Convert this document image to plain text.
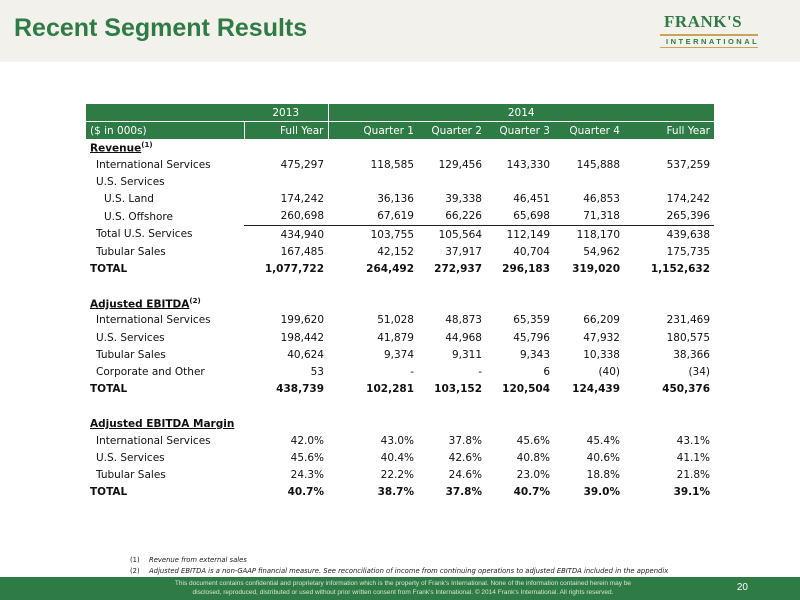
Recent Segment Results	FRANK'S
INTERNATIONAL
	2013	2014				
($ in 000s)	Full Year	Quarter 1	Quarter 2	Quarter 3	Quarter 4	Full Year
Revenue$^{(1)}$
International Services	475,297	118,585	129,456	143,330	145,888	537,259
U.S. Services						
U.S. Land	174,242	36,136	39,338	46,451	46,853	174,242
U.S. Offshore	260,698	67,619	66,226	65,698	71,318	265,396
Total U.S. Services	434,940	103,755	105,564	112,149	118,170	439,638
Tubular Sales	167,485	42,152	37,917	40,704	54,962	175,735
TOTAL	1,077,722	264,492	272,937	296,183	319,020	1,152,632

Adjusted EBITDA$^{(2)}$
International Services	199,620	51,028	48,873	65,359	66,209	231,469
U.S. Services	198,442	41,879	44,968	45,796	47,932	180,575
Tubular Sales	40,624	9,374	9,311	9,343	10,338	38,366
Corporate and Other	53	-	-	6	(40)	(34)
TOTAL	438,739	102,281	103,152	120,504	124,439	450,376

Adjusted EBITDA Margin						
International Services	42.0%	43.0%	37.8%	45.6%	45.4%	43.1%
U.S. Services	45.6%	40.4%	42.6%	40.8%	40.6%	41.1%
Tubular Sales	24.3%	22.2%	24.6%	23.0%	18.8%	21.8%
TOTAL	40.7%	38.7%	37.8%	40.7%	39.0%	39.1%
(1) Revenue from external sales
(2) Adjusted EBITDA is a non-GAAP financial measure. See reconciliation of income from continuing operations to adjusted EBITDA included in the appendix
This document contains confidential and proprietary information which is the property of Frank's International. None of the information contained herein may be disclosed, reproduced, distributed or used without prior written consent from Frank's International. © 2014 Frank's International. All rights reserved.	20
